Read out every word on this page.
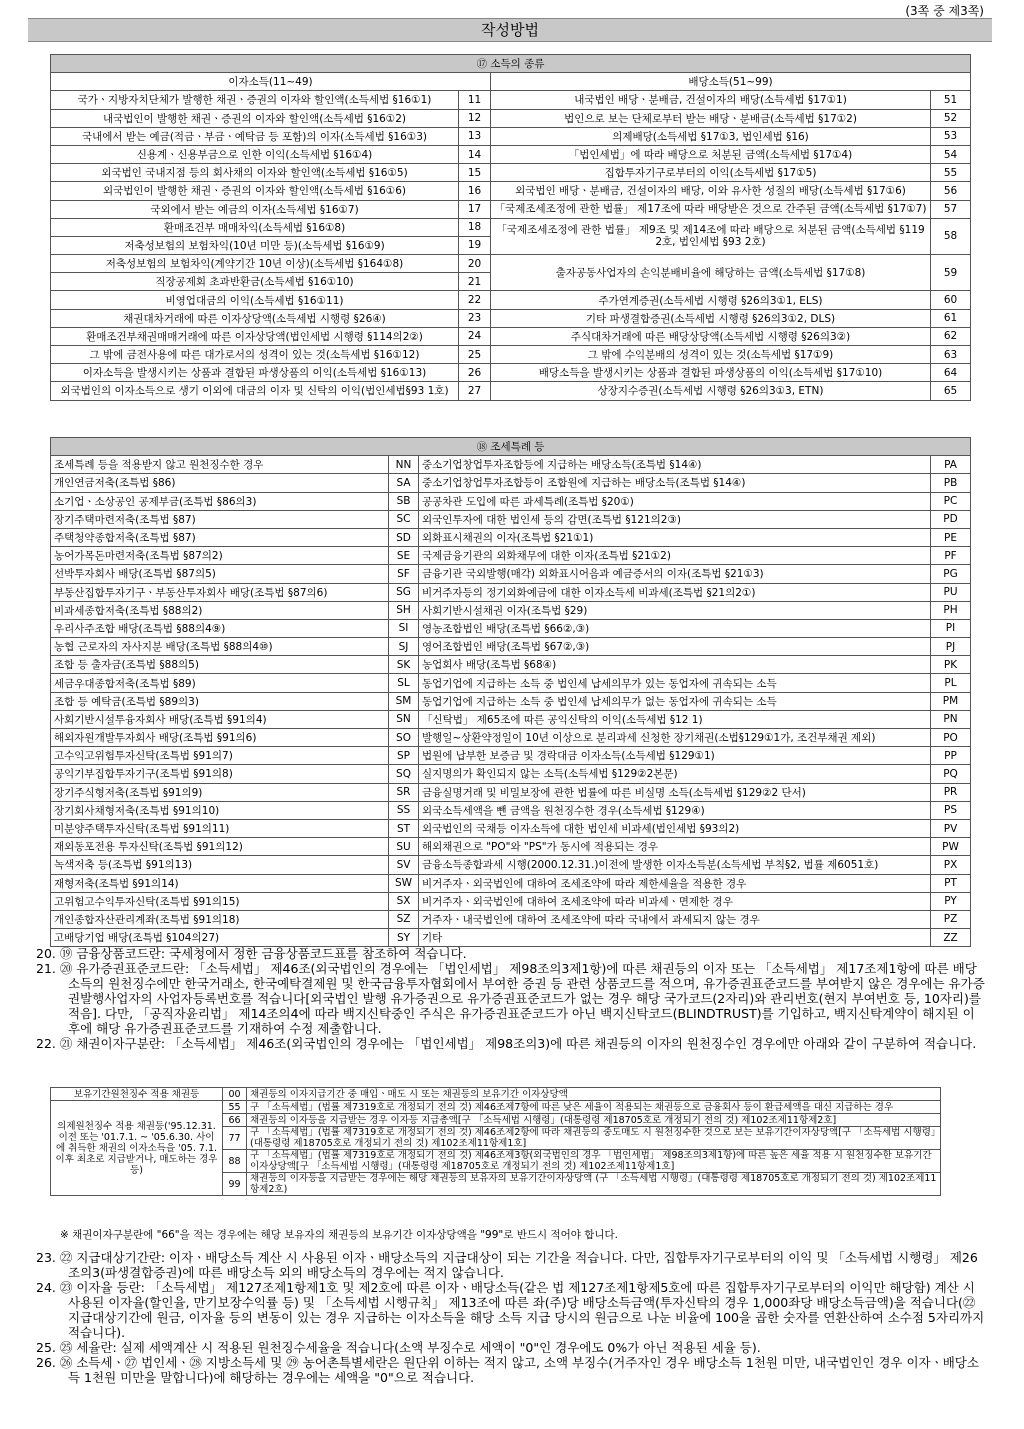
(3쪽 중 제3쪽)
작성방법
⑰ 소득의 종류			
이자소득(11~49)		배당소득(51~99)	
국가ㆍ지방자치단체가 발행한 채권ㆍ증권의 이자와 할인액(소득세법 §16①1)	11	내국법인 배당ㆍ분배금, 건설이자의 배당(소득세법 §17①1)	51
내국법인이 발행한 채권ㆍ증권의 이자와 할인액(소득세법 §16①2)	12	법인으로 보는 단체로부터 받는 배당ㆍ분배금(소득세법 §17①2)	52
국내에서 받는 예금(적금ㆍ부금ㆍ예탁금 등 포함)의 이자(소득세법 §16①3)	13	의제배당(소득세법 §17①3, 법인세법 §16)	53
신용계ㆍ신용부금으로 인한 이익(소득세법 §16①4)	14	「법인세법」에 따라 배당으로 처분된 금액(소득세법 §17①4)	54
외국법인 국내지점 등의 회사채의 이자와 할인액(소득세법 §16①5)	15	집합투자기구로부터의 이익(소득세법 §17①5)	55
외국법인이 발행한 채권ㆍ증권의 이자와 할인액(소득세법 §16①6)	16	외국법인 배당ㆍ분배금, 건설이자의 배당, 이와 유사한 성질의 배당(소득세법 §17①6)	56
국외에서 받는 예금의 이자(소득세법 §16①7)	17	「국제조세조정에 관한 법률」 제17조에 따라 배당받은 것으로 간주된 금액(소득세법 §17①7)	57
환매조건부 매매차익(소득세법 §16①8)	18	「국제조세조정에 관한 법률」 제9조 및 제14조에 따라 배당으로 처분된 금액(소득세법 §119 2호, 법인세법 §93 2호)	58
저축성보험의 보험차익(10년 미만 등)(소득세법 §16①9)	19		
저축성보험의 보험차익(계약기간 10년 이상)(소득세법 §164①8)	20	출자공동사업자의 손익분배비율에 해당하는 금액(소득세법 §17①8)	59
직장공제회 초과반환금(소득세법 §16①10)	21		
비영업대금의 이익(소득세법 §16①11)	22	주가연계증권(소득세법 시행령 §26의3①1, ELS)	60
채권대차거래에 따른 이자상당액(소득세법 시행령 §26④)	23	기타 파생결합증권(소득세법 시행령 §26의3①2, DLS)	61
환매조건부채권매매거래에 따른 이자상당액(법인세법 시행령 §114의2②)	24	주식대차거래에 따른 배당상당액(소득세법 시행령 §26의3②)	62
그 밖에 금전사용에 따른 대가로서의 성격이 있는 것(소득세법 §16①12)	25	그 밖에 수익분배의 성격이 있는 것(소득세법 §17①9)	63
이자소득을 발생시키는 상품과 결합된 파생상품의 이익(소득세법 §16①13)	26	배당소득을 발생시키는 상품과 결합된 파생상품의 이익(소득세법 §17①10)	64
외국법인의 이자소득으로 생기 이외에 대금의 이자 및 신탁의 이익(법인세법§93 1호)	27	상장지수증권(소득세법 시행령 §26의3①3, ETN)	65
⑱ 조세특례 등			
조세특례 등을 적용받지 않고 원천징수한 경우	NN	중소기업창업투자조합등에 지급하는 배당소득(조특법 §14④)	PA
개인연금저축(조특법 §86)	SA	중소기업창업투자조합등이 조합원에 지급하는 배당소득(조특법 §14④)	PB
소기업ㆍ소상공인 공제부금(조특법 §86의3)	SB	공공차관 도입에 따른 과세특례(조특법 §20①)	PC
장기주택마련저축(조특법 §87)	SC	외국인투자에 대한 법인세 등의 감면(조특법 §121의2③)	PD
주택청약종합저축(조특법 §87)	SD	외화표시채권의 이자(조특법 §21①1)	PE
농어가목돈마련저축(조특법 §87의2)	SE	국제금융기관의 외화채무에 대한 이자(조특법 §21①2)	PF
선박투자회사 배당(조특법 §87의5)	SF	금융기관 국외발행(매각) 외화표시어음과 예금증서의 이자(조특법 §21①3)	PG
부동산집합투자기구ㆍ부동산투자회사 배당(조특법 §87의6)	SG	비거주자등의 정기외화예금에 대한 이자소득세 비과세(조특법 §21의2①)	PU
비과세종합저축(조특법 §88의2)	SH	사회기반시설채권 이자(조특법 §29)	PH
우리사주조합 배당(조특법 §88의4⑨)	SI	영농조합법인 배당(조특법 §66②,③)	PI
농협 근로자의 자사지분 배당(조특법 §88의4⑩)	SJ	영어조합법인 배당(조특법 §67②,③)	PJ
조합 등 출자금(조특법 §88의5)	SK	농업회사 배당(조특법 §68④)	PK
세금우대종합저축(조특법 §89)	SL	동업기업에 지급하는 소득 중 법인세 납세의무가 있는 동업자에 귀속되는 소득	PL
조합 등 예탁금(조특법 §89의3)	SM	동업기업에 지급하는 소득 중 법인세 납세의무가 없는 동업자에 귀속되는 소득	PM
사회기반시설투융자회사 배당(조특법 §91의4)	SN	「신탁법」 제65조에 따른 공익신탁의 이익(소득세법 §12 1)	PN
해외자원개발투자회사 배당(조특법 §91의6)	SO	발행일~상환약정일이 10년 이상으로 분리과세 신청한 장기채권(소법§129①1가, 조건부채권 제외)	PO
고수익고위험투자신탁(조특법 §91의7)	SP	법원에 납부한 보증금 및 경락대금 이자소득(소득세법 §129①1)	PP
공익기부집합투자기구(조특법 §91의8)	SQ	실지명의가 확인되지 않는 소득(소득세법 §129②2본문)	PQ
장기주식형저축(조특법 §91의9)	SR	금융실명거래 및 비밀보장에 관한 법률에 따른 비실명 소득(소득세법 §129②2 단서)	PR
장기회사채형저축(조특법 §91의10)	SS	외국소득세액을 뺀 금액을 원천징수한 경우(소득세법 §129④)	PS
미분양주택투자신탁(조특법 §91의11)	ST	외국법인의 국채등 이자소득에 대한 법인세 비과세(법인세법 §93의2)	PV
재외동포전용 투자신탁(조특법 §91의12)	SU	해외채권으로 "PO"와 "PS"가 동시에 적용되는 경우	PW
녹색저축 등(조특법 §91의13)	SV	금융소득종합과세 시행(2000.12.31.)이전에 발생한 이자소득분(소득세법 부칙§2, 법률 제6051호)	PX
재형저축(조특법 §91의14)	SW	비거주자ㆍ외국법인에 대하여 조세조약에 따라 제한세율을 적용한 경우	PT
고위험고수익투자신탁(조특법 §91의15)	SX	비거주자ㆍ외국법인에 대하여 조세조약에 따라 비과세ㆍ면제한 경우	PY
개인종합자산관리계좌(조특법 §91의18)	SZ	거주자ㆍ내국법인에 대하여 조세조약에 따라 국내에서 과세되지 않는 경우	PZ
고배당기업 배당(조특법 §104의27)	SY	기타	ZZ
20. ⑲ 금융상품코드란: 국세청에서 정한 금융상품코드표를 참조하여 적습니다.
21. ⑳ 유가증권표준코드란: 「소득세법」 제46조(외국법인의 경우에는 「법인세법」 제98조의3제1항)에 따른 채권등의 이자 또는 「소득세법」 제17조제1항에 따른 배당소득의 원천징수에만 한국거래소, 한국예탁결제원 및 한국금융투자협회에서 부여한 증권 등 관련 상품코드를 적으며, 유가증권표준코드를 부여받지 않은 경우에는 유가증권발행사업자의 사업자등록번호를 적습니다[외국법인 발행 유가증권으로 유가증권표준코드가 없는 경우 해당 국가코드(2자리)와 관리번호(현지 부여번호 등, 10자리)를 적음]. 다만, 「공직자윤리법」 제14조의4에 따라 백지신탁중인 주식은 유가증권표준코드가 아닌 백지신탁코드(BLINDTRUST)를 기입하고, 백지신탁계약이 해지된 이후에 해당 유가증권표준코드를 기재하여 수정 제출합니다.
22. ㉑ 채권이자구분란: 「소득세법」 제46조(외국법인의 경우에는 「법인세법」 제98조의3)에 따른 채권등의 이자의 원천징수인 경우에만 아래와 같이 구분하여 적습니다.
보유기간원천징수 적용 채권등	00	채권등의 이자지급기간 중 매입ㆍ매도 시 또는 채권등의 보유기간 이자상당액
의제원천징수 적용 채권등('95.12.31.이전 또는 '01.7.1. ~ '05.6.30. 사이에 취득한 채권의 이자소득을 '05. 7.1. 이후 최초로 지급받거나, 매도하는 경우 등)	55	구 「소득세법」(법률 제7319호로 개정되기 전의 것) 제46조제7항에 따른 낮은 세율이 적용되는 채권등으로 금융회사 등이 환급세액을 대신 지급하는 경우
	66	채권등의 이자등을 지급받는 경우 이자등 지급총액[구 「소득세법 시행령」(대통령령 제18705호로 개정되기 전의 것) 제102조제11항제2호]
	77	구 「소득세법」(법률 제7319호로 개정되기 전의 것) 제46조제2항에 따라 채권등의 중도매도 시 원천징수한 것으로 보는 보유기간이자상당액[구 「소득세법 시행령」(대통령령 제18705호로 개정되기 전의 것) 제102조제11항제1호]
	88	구 「소득세법」(법률 제7319호로 개정되기 전의 것) 제46조제3항(외국법인의 경우 「법인세법」 제98조의3제1항)에 따른 높은 세율 적용 시 원천징수한 보유기간이자상당액[구 「소득세법 시행령」(대통령령 제18705호로 개정되기 전의 것) 제102조제11항제1호]
	99	채권등의 이자등을 지급받는 경우에는 해당 채권등의 보유자의 보유기간이자상당액 (구 「소득세법 시행령」(대통령령 제18705호로 개정되기 전의 것) 제102조제11항제2호)
※ 채권이자구분란에 "66"을 적는 경우에는 해당 보유자의 채권등의 보유기간 이자상당액을 "99"로 반드시 적어야 합니다.
23. ㉒ 지급대상기간란: 이자ㆍ배당소득 계산 시 사용된 이자ㆍ배당소득의 지급대상이 되는 기간을 적습니다. 다만, 집합투자기구로부터의 이익 및 「소득세법 시행령」 제26조의3(파생결합증권)에 따른 배당소득 외의 배당소득의 경우에는 적지 않습니다.
24. ㉓ 이자율 등란: 「소득세법」 제127조제1항제1호 및 제2호에 따른 이자ㆍ배당소득(같은 법 제127조제1항제5호에 따른 집합투자기구로부터의 이익만 해당함) 계산 시 사용된 이자율(할인율, 만기보장수익률 등) 및 「소득세법 시행규칙」 제13조에 따른 좌(주)당 배당소득금액(투자신탁의 경우 1,000좌당 배당소득금액)을 적습니다(㉒지급대상기간에 원금, 이자율 등의 변동이 있는 경우 지급하는 이자소득을 해당 소득 지급 당시의 원금으로 나눈 비율에 100을 곱한 숫자를 연환산하여 소수점 5자리까지 적습니다).
25. ㉕ 세율란: 실제 세액계산 시 적용된 원천징수세율을 적습니다(소액 부징수로 세액이 "0"인 경우에도 0%가 아닌 적용된 세율 등).
26. ㉖ 소득세ㆍ㉗ 법인세ㆍ㉘ 지방소득세 및 ㉙ 농어촌특별세란은 원단위 이하는 적지 않고, 소액 부징수(거주자인 경우 배당소득 1천원 미만, 내국법인인 경우 이자ㆍ배당소득 1천원 미만을 말합니다)에 해당하는 경우에는 세액을 "0"으로 적습니다.
